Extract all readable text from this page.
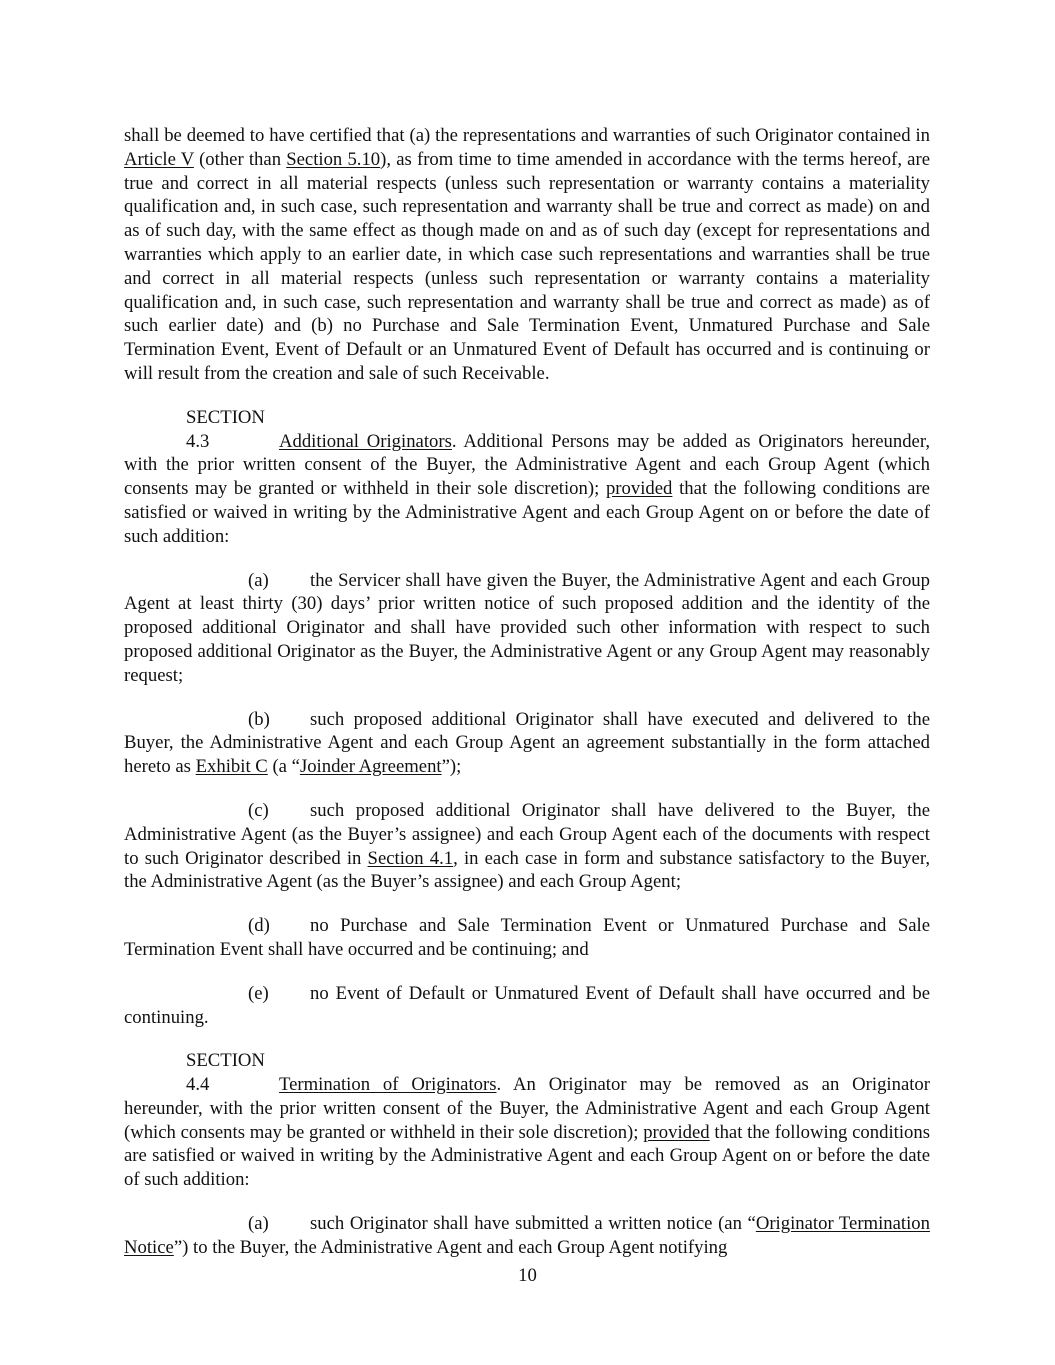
shall be deemed to have certified that (a) the representations and warranties of such Originator contained in Article V (other than Section 5.10), as from time to time amended in accordance with the terms hereof, are true and correct in all material respects (unless such representation or warranty contains a materiality qualification and, in such case, such representation and warranty shall be true and correct as made) on and as of such day, with the same effect as though made on and as of such day (except for representations and warranties which apply to an earlier date, in which case such representations and warranties shall be true and correct in all material respects (unless such representation or warranty contains a materiality qualification and, in such case, such representation and warranty shall be true and correct as made) as of such earlier date) and (b) no Purchase and Sale Termination Event, Unmatured Purchase and Sale Termination Event, Event of Default or an Unmatured Event of Default has occurred and is continuing or will result from the creation and sale of such Receivable.

SECTION 4.3	Additional Originators. Additional Persons may be added as Originators hereunder, with the prior written consent of the Buyer, the Administrative Agent and each Group Agent (which consents may be granted or withheld in their sole discretion); provided that the following conditions are satisfied or waived in writing by the Administrative Agent and each Group Agent on or before the date of such addition:

(a) the Servicer shall have given the Buyer, the Administrative Agent and each Group Agent at least thirty (30) days’ prior written notice of such proposed addition and the identity of the proposed additional Originator and shall have provided such other information with respect to such proposed additional Originator as the Buyer, the Administrative Agent or any Group Agent may reasonably request;

(b) such proposed additional Originator shall have executed and delivered to the Buyer, the Administrative Agent and each Group Agent an agreement substantially in the form attached hereto as Exhibit C (a “Joinder Agreement”);

(c) such proposed additional Originator shall have delivered to the Buyer, the Administrative Agent (as the Buyer’s assignee) and each Group Agent each of the documents with respect to such Originator described in Section 4.1, in each case in form and substance satisfactory to the Buyer, the Administrative Agent (as the Buyer’s assignee) and each Group Agent;

(d) no Purchase and Sale Termination Event or Unmatured Purchase and Sale Termination Event shall have occurred and be continuing; and

(e) no Event of Default or Unmatured Event of Default shall have occurred and be continuing.

SECTION 4.4	Termination of Originators. An Originator may be removed as an Originator hereunder, with the prior written consent of the Buyer, the Administrative Agent and each Group Agent (which consents may be granted or withheld in their sole discretion); provided that the following conditions are satisfied or waived in writing by the Administrative Agent and each Group Agent on or before the date of such addition:

(a) such Originator shall have submitted a written notice (an “Originator Termination Notice”) to the Buyer, the Administrative Agent and each Group Agent notifying

10
